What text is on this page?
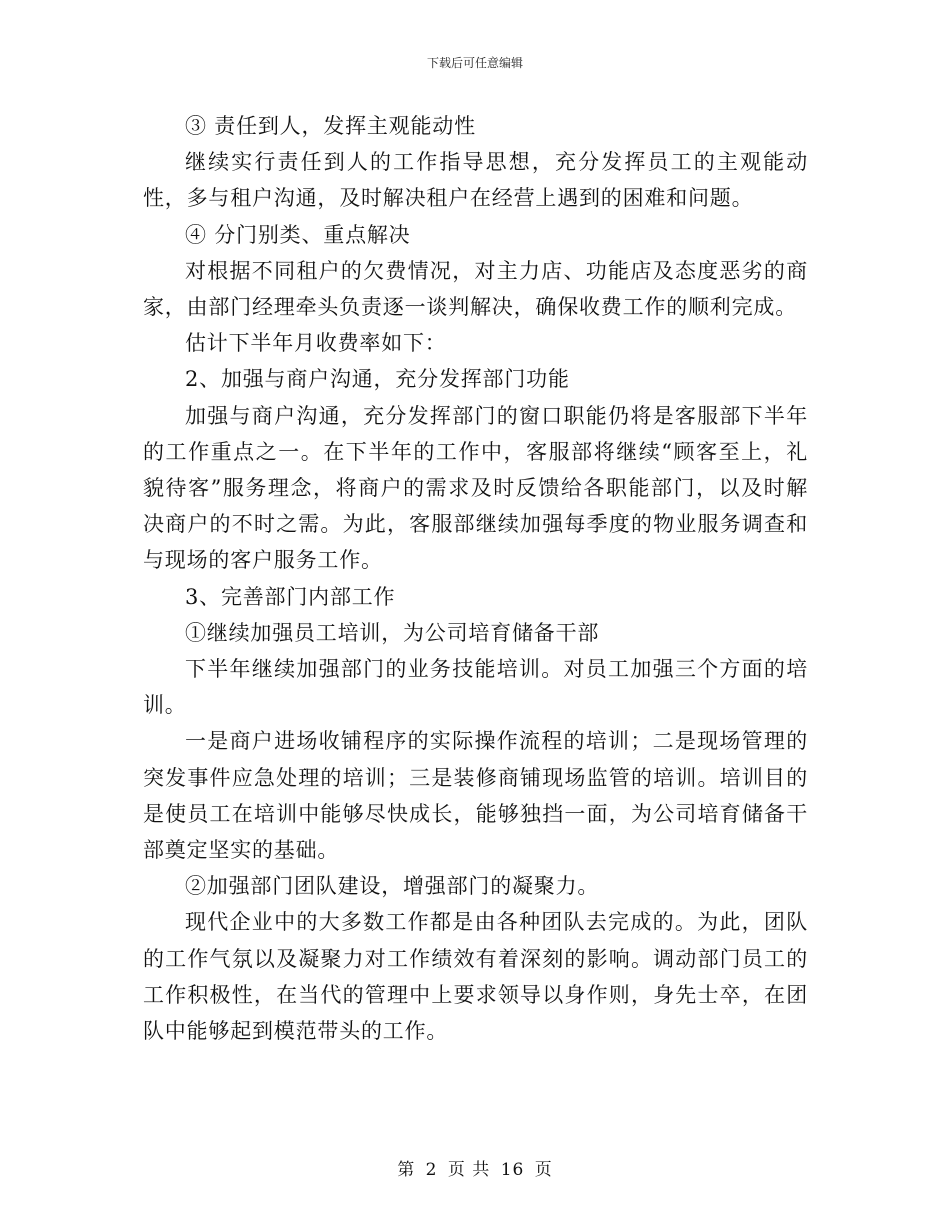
下载后可任意编辑

③ 责任到人，发挥主观能动性

继续实行责任到人的工作指导思想，充分发挥员工的主观能动性，多与租户沟通，及时解决租户在经营上遇到的困难和问题。

④ 分门别类、重点解决

对根据不同租户的欠费情况，对主力店、功能店及态度恶劣的商家，由部门经理牵头负责逐一谈判解决，确保收费工作的顺利完成。

估计下半年月收费率如下：

2、加强与商户沟通，充分发挥部门功能

加强与商户沟通，充分发挥部门的窗口职能仍将是客服部下半年的工作重点之一。在下半年的工作中，客服部将继续“顾客至上，礼貌待客”服务理念，将商户的需求及时反馈给各职能部门，以及时解决商户的不时之需。为此，客服部继续加强每季度的物业服务调查和与现场的客户服务工作。

3、完善部门内部工作

①继续加强员工培训，为公司培育储备干部

下半年继续加强部门的业务技能培训。对员工加强三个方面的培训。

一是商户进场收铺程序的实际操作流程的培训；二是现场管理的突发事件应急处理的培训；三是装修商铺现场监管的培训。培训目的是使员工在培训中能够尽快成长，能够独挡一面，为公司培育储备干部奠定坚实的基础。

②加强部门团队建设，增强部门的凝聚力。

现代企业中的大多数工作都是由各种团队去完成的。为此，团队的工作气氛以及凝聚力对工作绩效有着深刻的影响。调动部门员工的工作积极性，在当代的管理中上要求领导以身作则，身先士卒，在团队中能够起到模范带头的工作。

第 2 页 共 16 页
